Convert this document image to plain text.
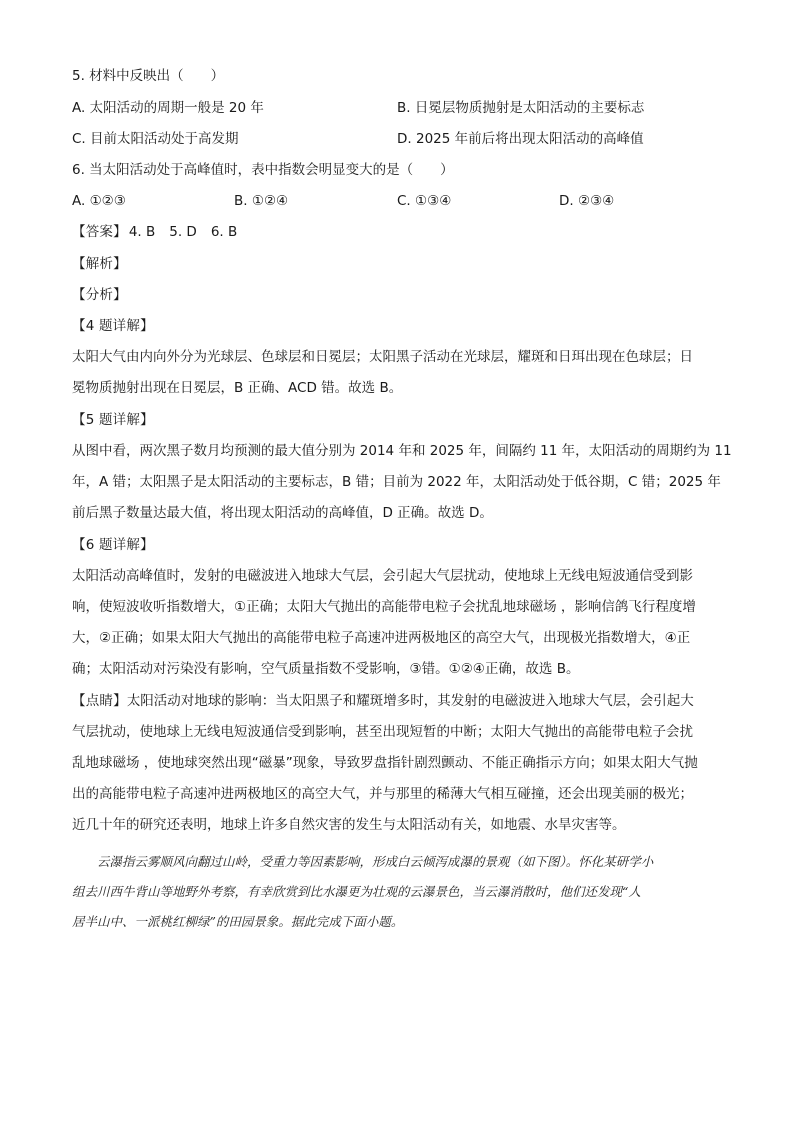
5. 材料中反映出（　　）
A. 太阳活动的周期一般是 20 年	B. 日冕层物质抛射是太阳活动的主要标志
C. 目前太阳活动处于高发期	D. 2025 年前后将出现太阳活动的高峰值
6. 当太阳活动处于高峰值时，表中指数会明显变大的是（　　）
A. ①②③	B. ①②④	C. ①③④	D. ②③④
【答案】 4. B 5. D 6. B
【解析】
【分析】
【4 题详解】
太阳大气由内向外分为光球层、色球层和日冕层；太阳黑子活动在光球层，耀斑和日珥出现在色球层；日
冕物质抛射出现在日冕层，B 正确、ACD 错。故选 B。
【5 题详解】
从图中看，两次黑子数月均预测的最大值分别为 2014 年和 2025 年，间隔约 11 年，太阳活动的周期约为 11
年，A 错；太阳黑子是太阳活动的主要标志，B 错；目前为 2022 年，太阳活动处于低谷期，C 错；2025 年
前后黑子数量达最大值，将出现太阳活动的高峰值，D 正确。故选 D。
【6 题详解】
太阳活动高峰值时，发射的电磁波进入地球大气层，会引起大气层扰动，使地球上无线电短波通信受到影
响，使短波收听指数增大，①正确；太阳大气抛出的高能带电粒子会扰乱地球磁场 ，影响信鸽飞行程度增
大，②正确；如果太阳大气抛出的高能带电粒子高速冲进两极地区的高空大气，出现极光指数增大，④正
确；太阳活动对污染没有影响，空气质量指数不受影响，③错。①②④正确，故选 B。
【点睛】太阳活动对地球的影响：当太阳黑子和耀斑增多时，其发射的电磁波进入地球大气层，会引起大
气层扰动，使地球上无线电短波通信受到影响，甚至出现短暂的中断；太阳大气抛出的高能带电粒子会扰
乱地球磁场 ，使地球突然出现“磁暴”现象，导致罗盘指针剧烈颤动、不能正确指示方向；如果太阳大气抛
出的高能带电粒子高速冲进两极地区的高空大气，并与那里的稀薄大气相互碰撞，还会出现美丽的极光；
近几十年的研究还表明，地球上许多自然灾害的发生与太阳活动有关，如地震、水旱灾害等。
　　云瀑指云雾顺风向翻过山岭，受重力等因素影响，形成白云倾泻成瀑的景观（如下图）。怀化某研学小
组去川西牛背山等地野外考察，有幸欣赏到比水瀑更为壮观的云瀑景色，当云瀑消散时，他们还发现“人
居半山中、一派桃红柳绿”的田园景象。据此完成下面小题。
